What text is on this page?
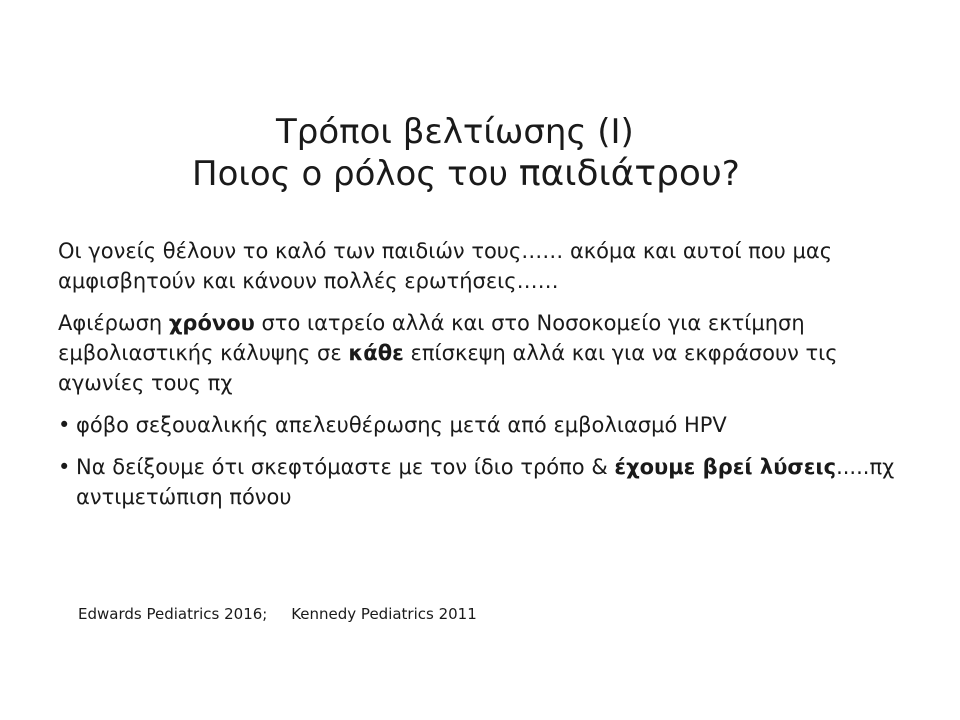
Τρόποι βελτίωσης (Ι)
Ποιος ο ρόλος του παιδιάτρου?

Οι γονείς θέλουν το καλό των παιδιών τους…… ακόμα και αυτοί που μας αμφισβητούν και κάνουν πολλές ερωτήσεις……

Αφιέρωση χρόνου στο ιατρείο αλλά και στο Νοσοκομείο για εκτίμηση εμβολιαστικής κάλυψης σε κάθε επίσκεψη αλλά και για να εκφράσουν τις αγωνίες τους πχ

• φόβο σεξουαλικής απελευθέρωσης μετά από εμβολιασμό HPV
• Να δείξουμε ότι σκεφτόμαστε με τον ίδιο τρόπο & έχουμε βρεί λύσεις.....πχ αντιμετώπιση πόνου
Edwards Pediatrics 2016;     Kennedy Pediatrics 2011
